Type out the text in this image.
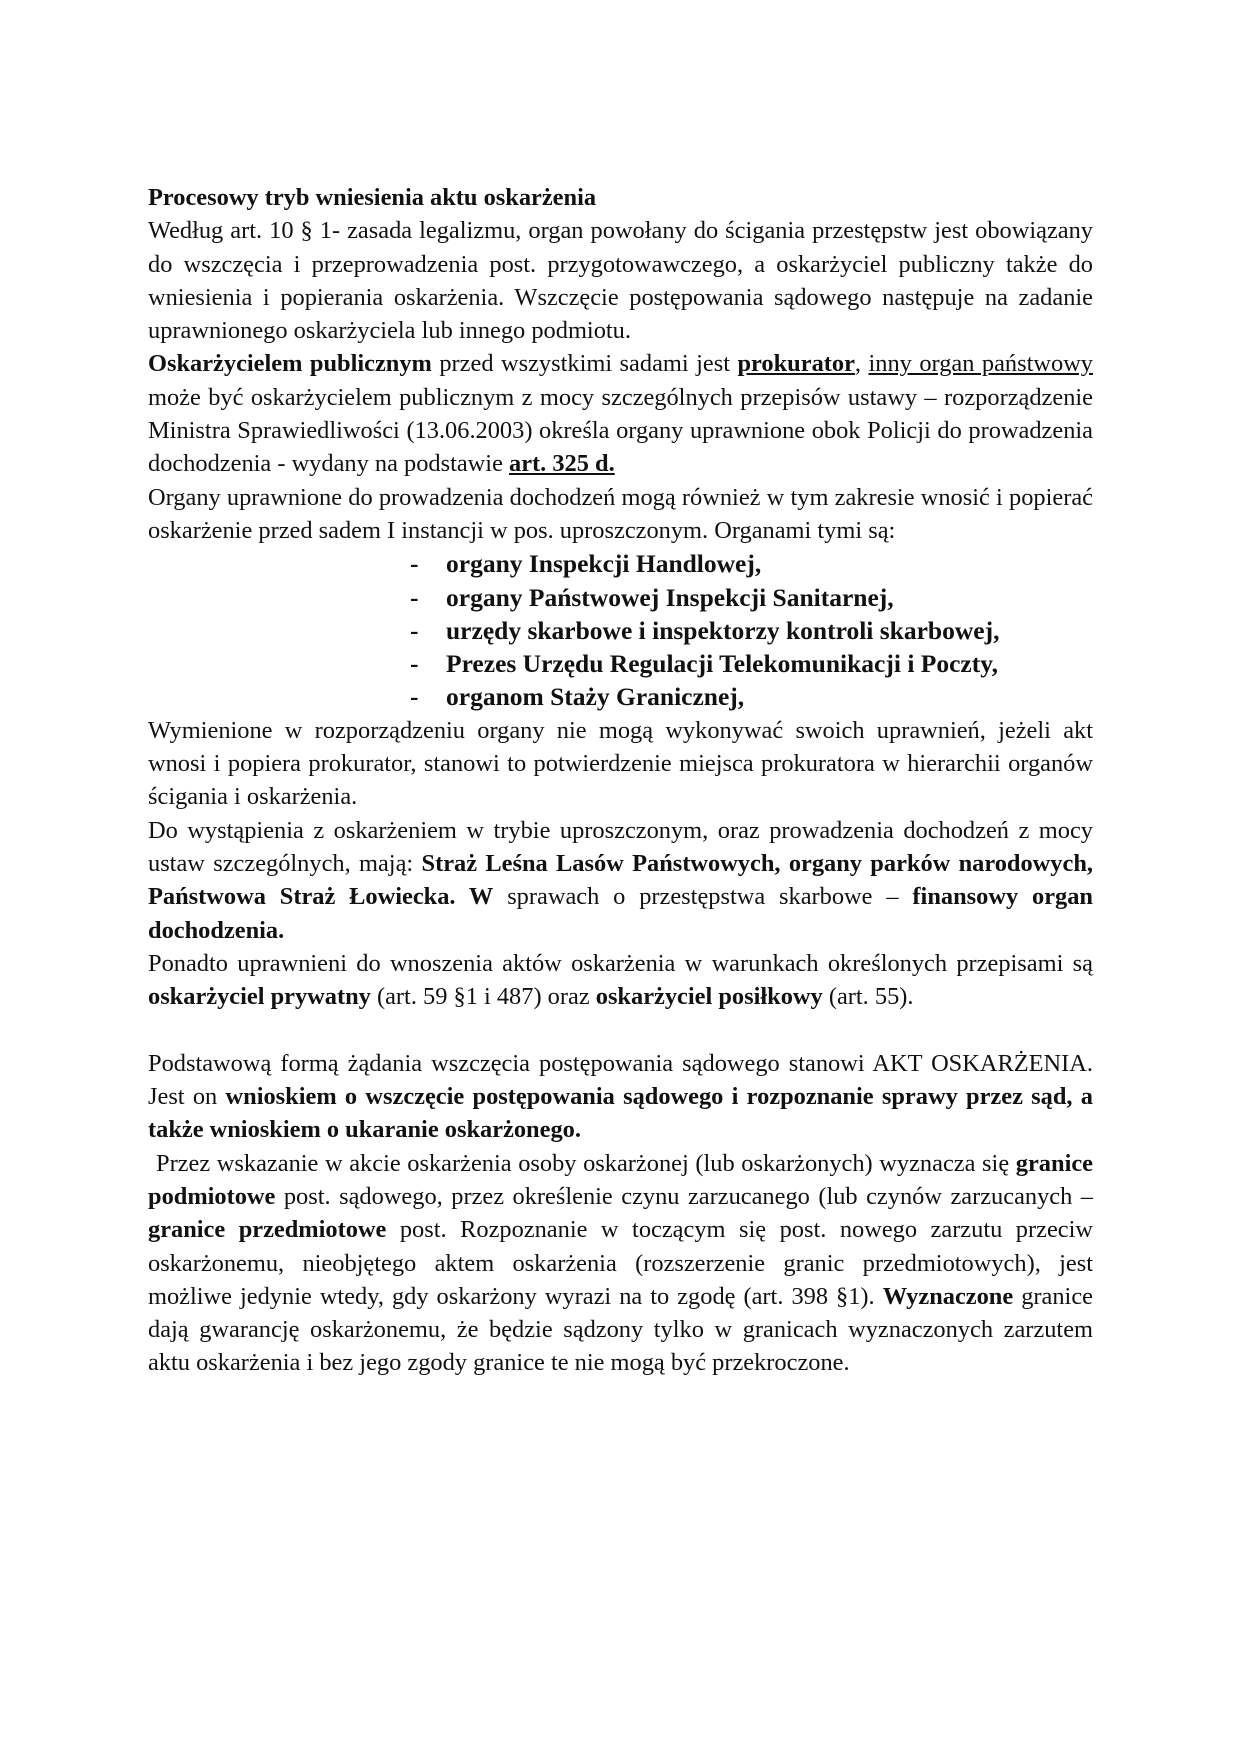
Procesowy tryb wniesienia aktu oskarżenia

Według art. 10 § 1- zasada legalizmu, organ powołany do ścigania przestępstw jest obowiązany do wszczęcia i przeprowadzenia post. przygotowawczego, a oskarżyciel publiczny także do wniesienia i popierania oskarżenia. Wszczęcie postępowania sądowego następuje na zadanie uprawnionego oskarżyciela lub innego podmiotu.

Oskarżycielem publicznym przed wszystkimi sadami jest prokurator, inny organ państwowy może być oskarżycielem publicznym z mocy szczególnych przepisów ustawy – rozporządzenie Ministra Sprawiedliwości (13.06.2003) określa organy uprawnione obok Policji do prowadzenia dochodzenia - wydany na podstawie art. 325 d.

Organy uprawnione do prowadzenia dochodzeń mogą również w tym zakresie wnosić i popierać oskarżenie przed sadem I instancji w pos. uproszczonym. Organami tymi są:

- organy Inspekcji Handlowej,
- organy Państwowej Inspekcji Sanitarnej,
- urzędy skarbowe i inspektorzy kontroli skarbowej,
- Prezes Urzędu Regulacji Telekomunikacji i Poczty,
- organom Staży Granicznej,

Wymienione w rozporządzeniu organy nie mogą wykonywać swoich uprawnień, jeżeli akt wnosi i popiera prokurator, stanowi to potwierdzenie miejsca prokuratora w hierarchii organów ścigania i oskarżenia.

Do wystąpienia z oskarżeniem w trybie uproszczonym, oraz prowadzenia dochodzeń z mocy ustaw szczególnych, mają: Straż Leśna Lasów Państwowych, organy parków narodowych, Państwowa Straż Łowiecka. W sprawach o przestępstwa skarbowe – finansowy organ dochodzenia.

Ponadto uprawnieni do wnoszenia aktów oskarżenia w warunkach określonych przepisami są oskarżyciel prywatny (art. 59 §1 i 487) oraz oskarżyciel posiłkowy (art. 55).

Podstawową formą żądania wszczęcia postępowania sądowego stanowi AKT OSKARŻENIA. Jest on wnioskiem o wszczęcie postępowania sądowego i rozpoznanie sprawy przez sąd, a także wnioskiem o ukaranie oskarżonego.

Przez wskazanie w akcie oskarżenia osoby oskarżonej (lub oskarżonych) wyznacza się granice podmiotowe post. sądowego, przez określenie czynu zarzucanego (lub czynów zarzucanych – granice przedmiotowe post. Rozpoznanie w toczącym się post. nowego zarzutu przeciw oskarżonemu, nieobjętego aktem oskarżenia (rozszerzenie granic przedmiotowych), jest możliwe jedynie wtedy, gdy oskarżony wyrazi na to zgodę (art. 398 §1). Wyznaczone granice dają gwarancję oskarżonemu, że będzie sądzony tylko w granicach wyznaczonych zarzutem aktu oskarżenia i bez jego zgody granice te nie mogą być przekroczone.
